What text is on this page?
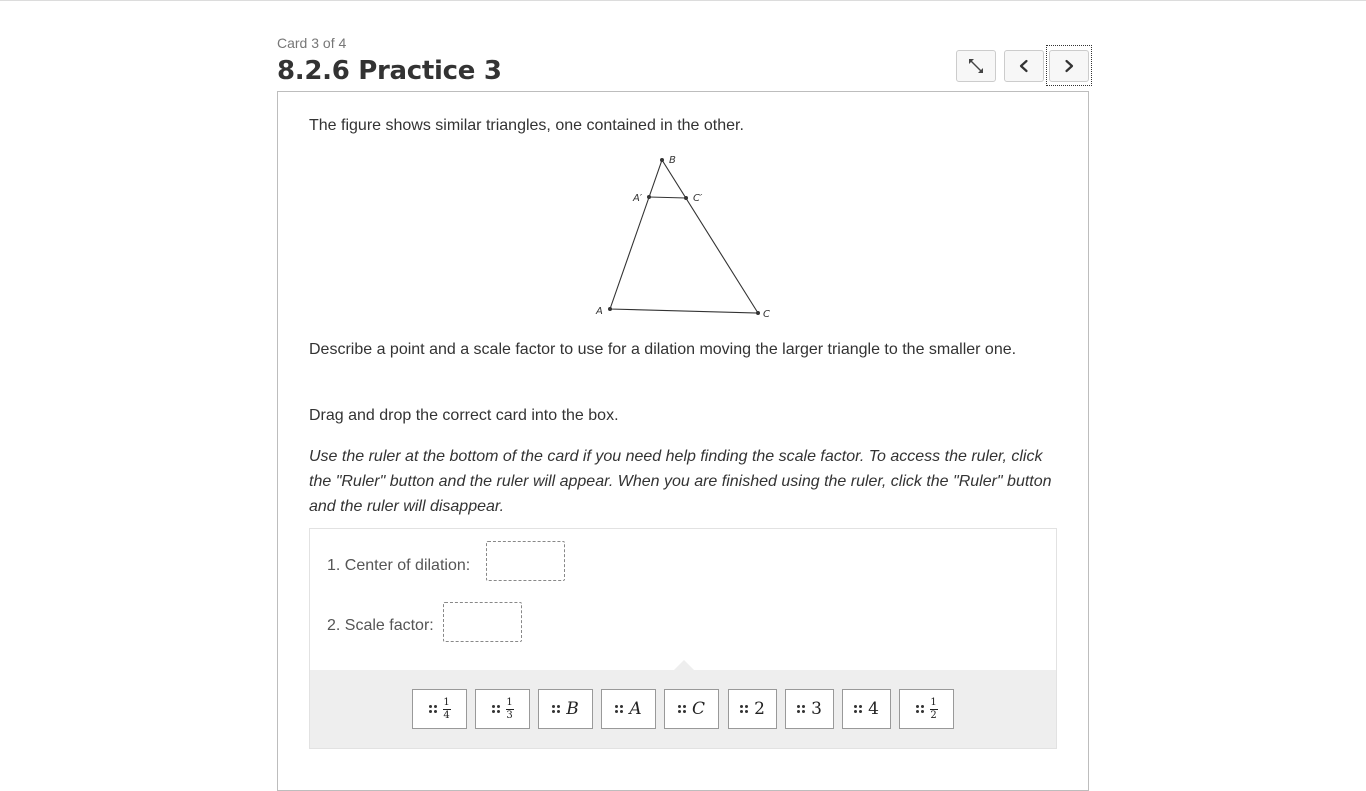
Card 3 of 4
8.2.6 Practice 3

The figure shows similar triangles, one contained in the other.

A
B
C
A′	C′

Describe a point and a scale factor to use for a dilation moving the larger triangle to the smaller one.

Drag and drop the correct card into the box.

Use the ruler at the bottom of the card if you need help finding the scale factor. To access the ruler, click the "Ruler" button and the ruler will appear. When you are finished using the ruler, click the "Ruler" button and the ruler will disappear.

1. Center of dilation:
2. Scale factor:
$\frac{1}{4}$	$\frac{1}{3}$	B	A	C	2	3	4	$\frac{1}{2}$
